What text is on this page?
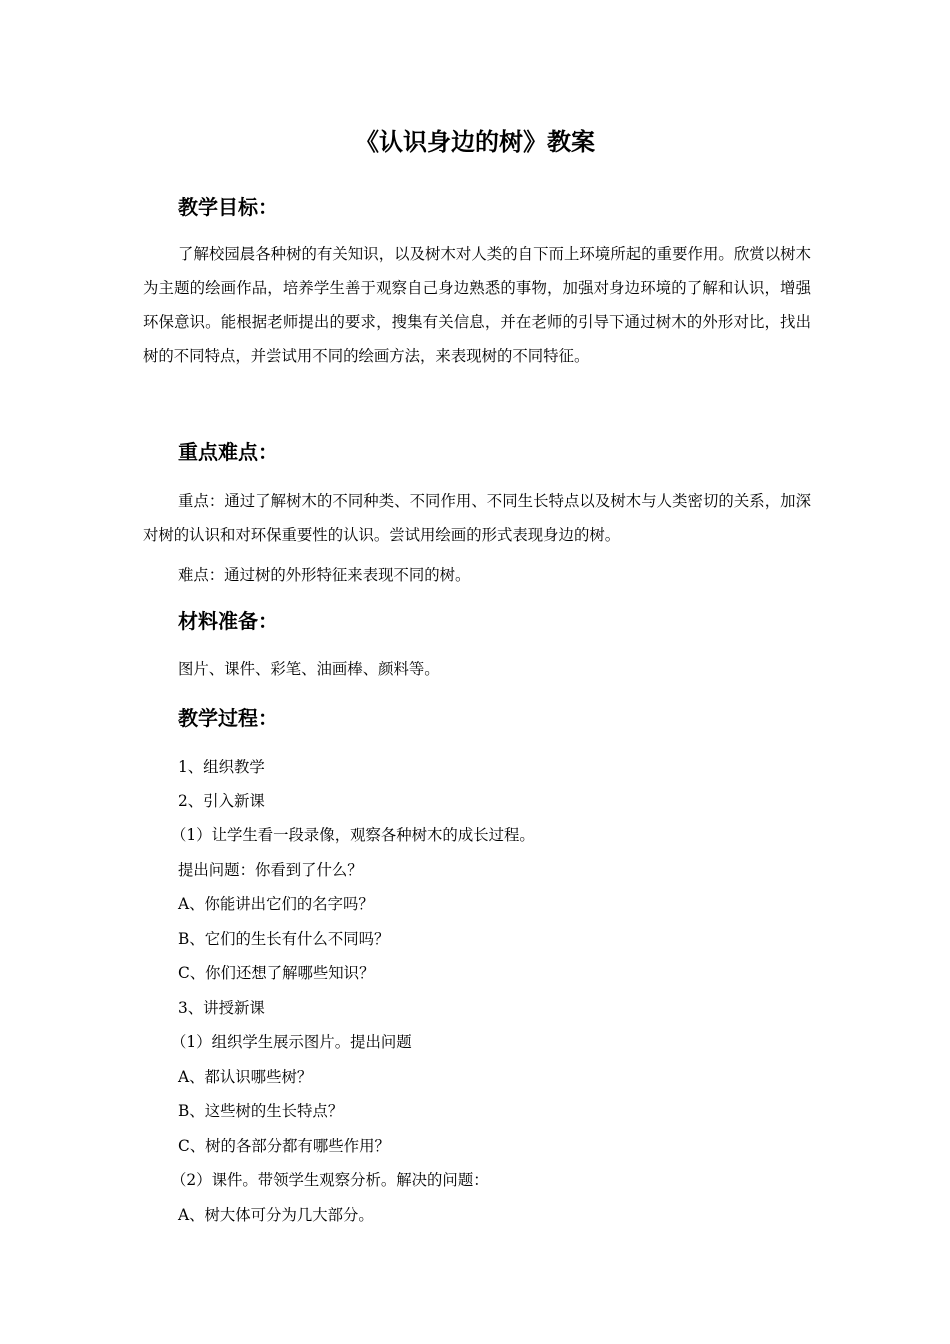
《认识身边的树》教案
教学目标：
了解校园晨各种树的有关知识，以及树木对人类的自下而上环境所起的重要作用。欣赏以树木为主题的绘画作品，培养学生善于观察自己身边熟悉的事物，加强对身边环境的了解和认识，增强环保意识。能根据老师提出的要求，搜集有关信息，并在老师的引导下通过树木的外形对比，找出树的不同特点，并尝试用不同的绘画方法，来表现树的不同特征。
重点难点：
重点：通过了解树木的不同种类、不同作用、不同生长特点以及树木与人类密切的关系，加深对树的认识和对环保重要性的认识。尝试用绘画的形式表现身边的树。
难点：通过树的外形特征来表现不同的树。
材料准备：
图片、课件、彩笔、油画棒、颜料等。
教学过程：
1、组织教学
2、引入新课
（1）让学生看一段录像，观察各种树木的成长过程。
提出问题：你看到了什么？
A、你能讲出它们的名字吗？
B、它们的生长有什么不同吗？
C、你们还想了解哪些知识？
3、讲授新课
（1）组织学生展示图片。提出问题
A、都认识哪些树？
B、这些树的生长特点？
C、树的各部分都有哪些作用？
（2）课件。带领学生观察分析。解决的问题：
A、树大体可分为几大部分。
